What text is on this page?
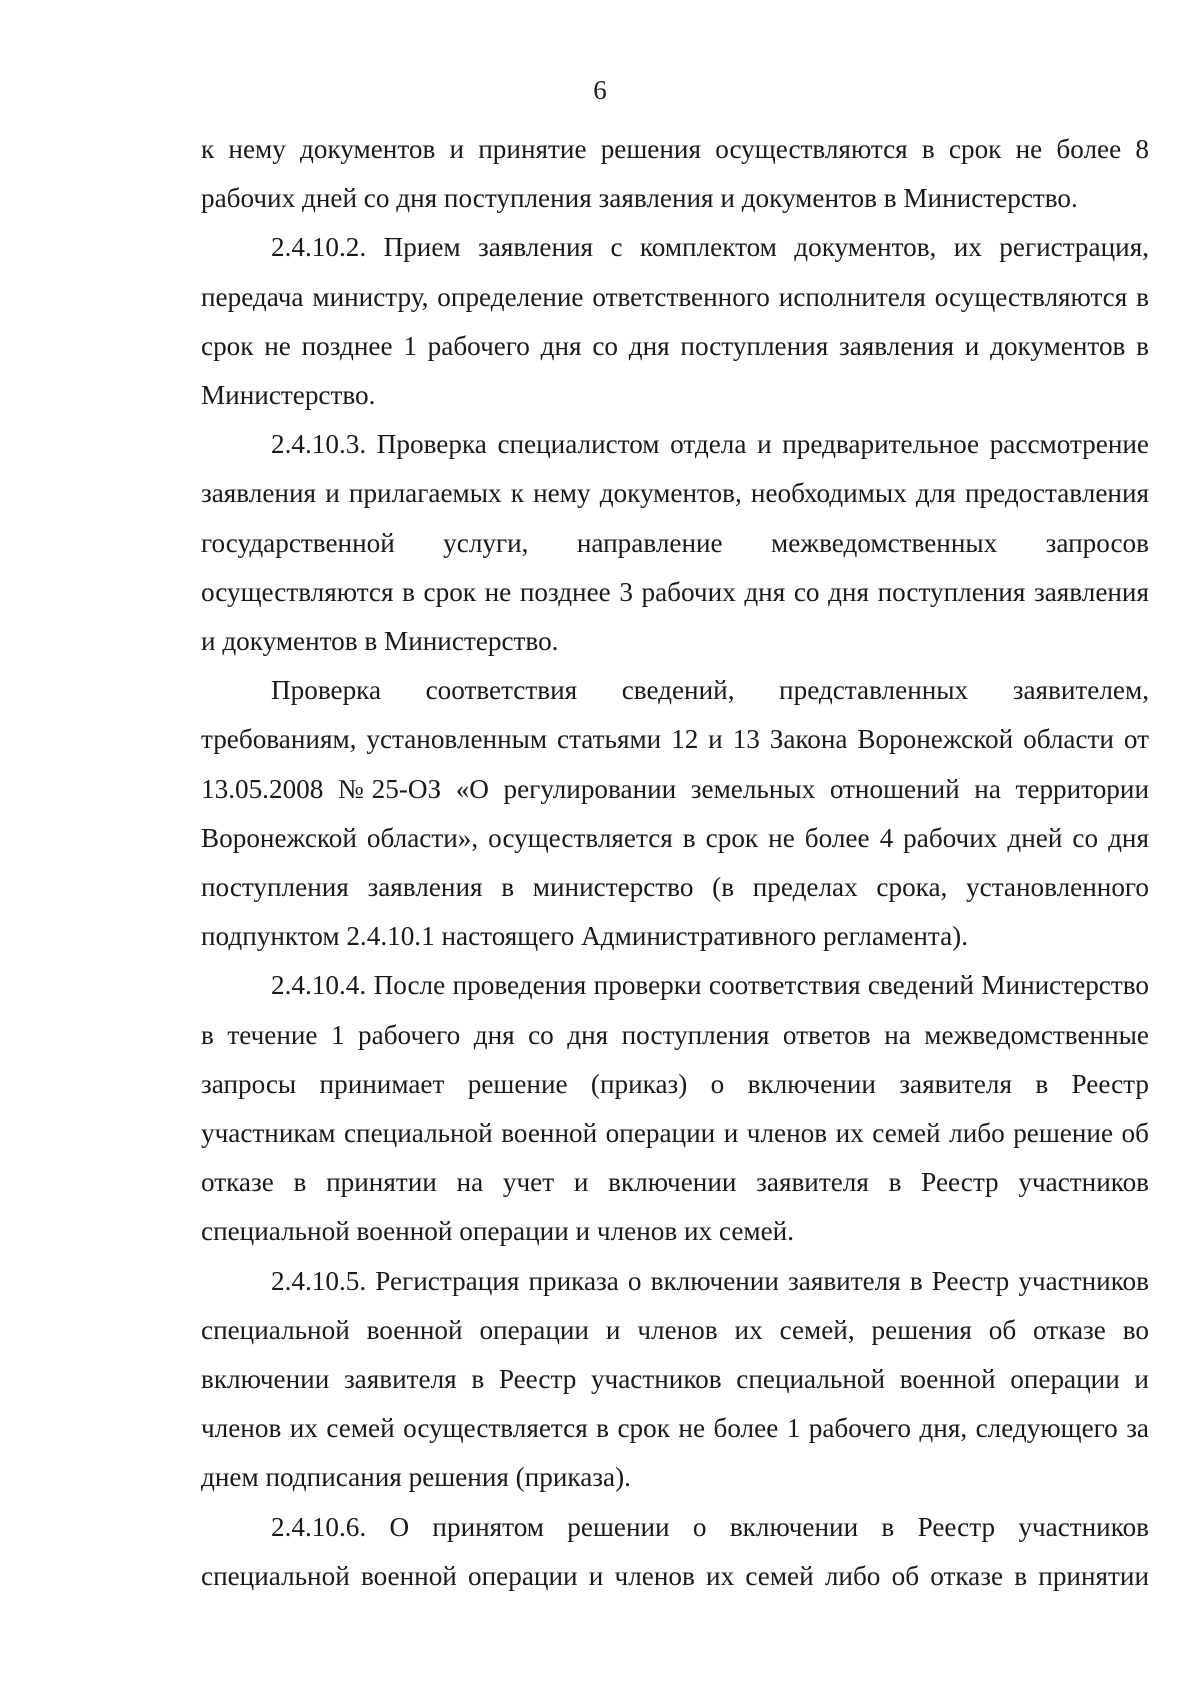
6

к нему документов и принятие решения осуществляются в срок не более 8 рабочих дней со дня поступления заявления и документов в Министерство.

2.4.10.2. Прием заявления с комплектом документов, их регистрация, передача министру, определение ответственного исполнителя осуществляются в срок не позднее 1 рабочего дня со дня поступления заявления и документов в Министерство.

2.4.10.3. Проверка специалистом отдела и предварительное рассмотрение заявления и прилагаемых к нему документов, необходимых для предоставления государственной услуги, направление межведомственных запросов осуществляются в срок не позднее 3 рабочих дня со дня поступления заявления и документов в Министерство.

Проверка соответствия сведений, представленных заявителем, требованиям, установленным статьями 12 и 13 Закона Воронежской области от 13.05.2008 №25-ОЗ «О регулировании земельных отношений на территории Воронежской области», осуществляется в срок не более 4 рабочих дней со дня поступления заявления в министерство (в пределах срока, установленного подпунктом 2.4.10.1 настоящего Административного регламента).

2.4.10.4. После проведения проверки соответствия сведений Министерство в течение 1 рабочего дня со дня поступления ответов на межведомственные запросы принимает решение (приказ) о включении заявителя в Реестр участникам специальной военной операции и членов их семей либо решение об отказе в принятии на учет и включении заявителя в Реестр участников специальной военной операции и членов их семей.

2.4.10.5. Регистрация приказа о включении заявителя в Реестр участников специальной военной операции и членов их семей, решения об отказе во включении заявителя в Реестр участников специальной военной операции и членов их семей осуществляется в срок не более 1 рабочего дня, следующего за днем подписания решения (приказа).

2.4.10.6. О принятом решении о включении в Реестр участников специальной военной операции и членов их семей либо об отказе в принятии
